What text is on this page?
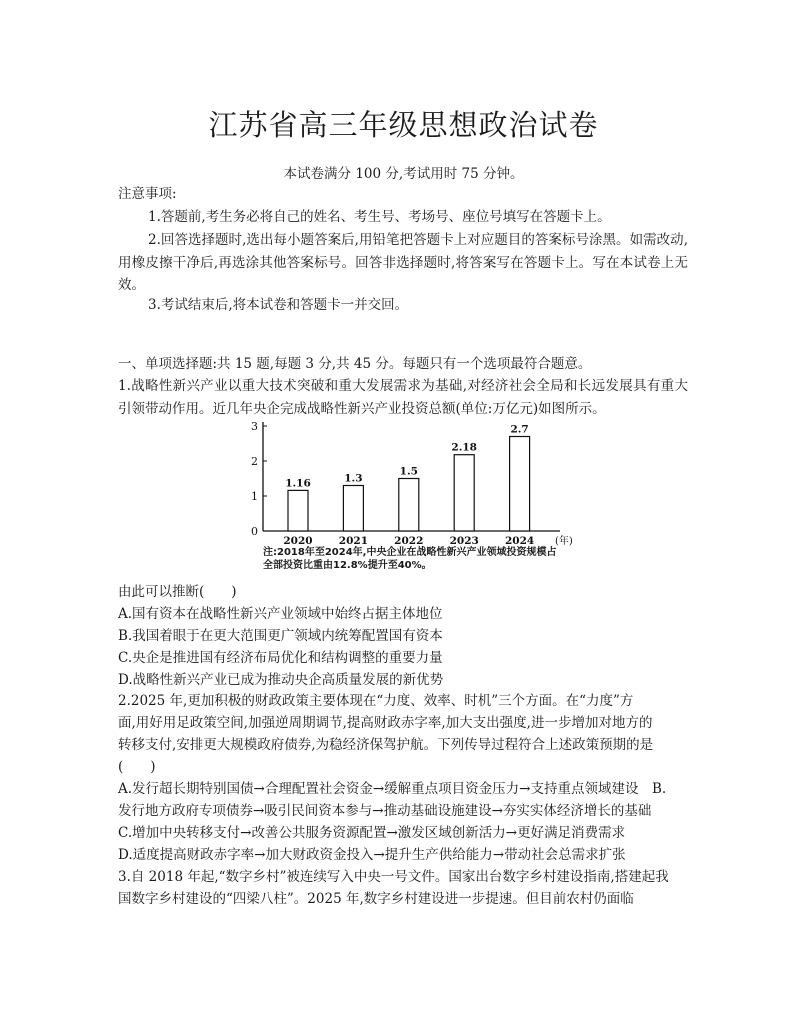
江苏省高三年级思想政治试卷
本试卷满分 100 分,考试用时 75 分钟。
注意事项:
1.答题前,考生务必将自己的姓名、考生号、考场号、座位号填写在答题卡上。
2.回答选择题时,选出每小题答案后,用铅笔把答题卡上对应题目的答案标号涂黑。如需改动,用橡皮擦干净后,再选涂其他答案标号。回答非选择题时,将答案写在答题卡上。写在本试卷上无效。
3.考试结束后,将本试卷和答题卡一并交回。
一、单项选择题:共 15 题,每题 3 分,共 45 分。每题只有一个选项最符合题意。
1.战略性新兴产业以重大技术突破和重大发展需求为基础,对经济社会全局和长远发展具有重大引领带动作用。近几年央企完成战略性新兴产业投资总额(单位:万亿元)如图所示。
0
1
2
3
1.16
2020
1.3
2021
1.5
2022
2.18
2023
2.7
2024 (年)
注:2018年至2024年,中央企业在战略性新兴产业领域投资规模占全部投资比重由12.8%提升至40%。
由此可以推断(　　)
A.国有资本在战略性新兴产业领域中始终占据主体地位
B.我国着眼于在更大范围更广领域内统筹配置国有资本
C.央企是推进国有经济布局优化和结构调整的重要力量
D.战略性新兴产业已成为推动央企高质量发展的新优势
2.2025 年,更加积极的财政政策主要体现在“力度、效率、时机”三个方面。在“力度”方
面,用好用足政策空间,加强逆周期调节,提高财政赤字率,加大支出强度,进一步增加对地方的
转移支付,安排更大规模政府债券,为稳经济保驾护航。下列传导过程符合上述政策预期的是
(　　)
A.发行超长期特别国债→合理配置社会资金→缓解重点项目资金压力→支持重点领域建设　B.
发行地方政府专项债券→吸引民间资本参与→推动基础设施建设→夯实实体经济增长的基础
C.增加中央转移支付→改善公共服务资源配置→激发区域创新活力→更好满足消费需求
D.适度提高财政赤字率→加大财政资金投入→提升生产供给能力→带动社会总需求扩张
3.自 2018 年起,“数字乡村”被连续写入中央一号文件。国家出台数字乡村建设指南,搭建起我
国数字乡村建设的“四梁八柱”。2025 年,数字乡村建设进一步提速。但目前农村仍面临
